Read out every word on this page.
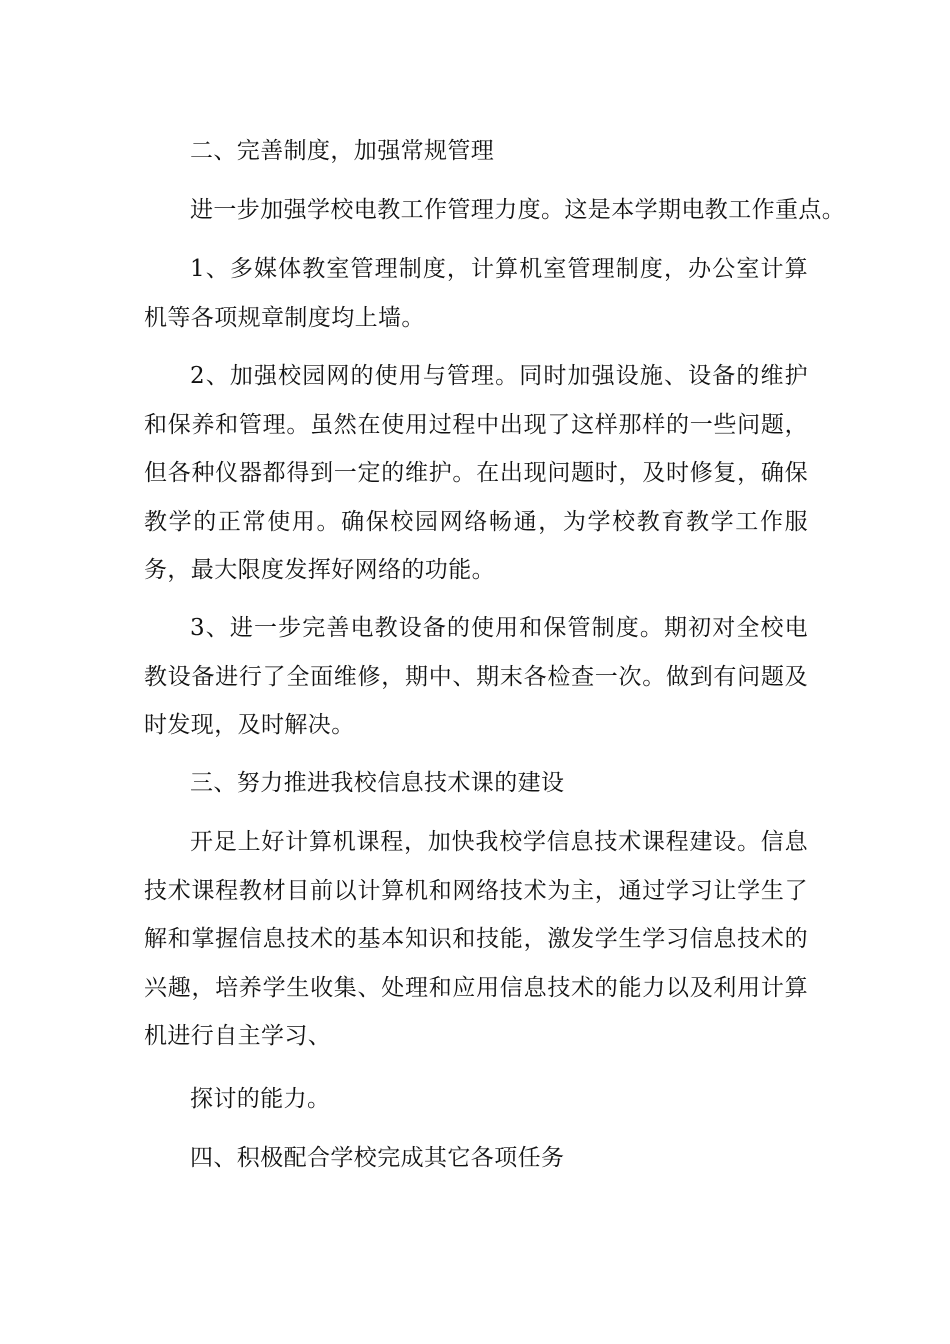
二、完善制度，加强常规管理

进一步加强学校电教工作管理力度。这是本学期电教工作重点。

1、多媒体教室管理制度，计算机室管理制度，办公室计算机等各项规章制度均上墙。

2、加强校园网的使用与管理。同时加强设施、设备的维护和保养和管理。虽然在使用过程中出现了这样那样的一些问题，但各种仪器都得到一定的维护。在出现问题时，及时修复，确保教学的正常使用。确保校园网络畅通，为学校教育教学工作服务，最大限度发挥好网络的功能。

3、进一步完善电教设备的使用和保管制度。期初对全校电教设备进行了全面维修，期中、期末各检查一次。做到有问题及时发现，及时解决。

三、努力推进我校信息技术课的建设

开足上好计算机课程，加快我校学信息技术课程建设。信息技术课程教材目前以计算机和网络技术为主，通过学习让学生了解和掌握信息技术的基本知识和技能，激发学生学习信息技术的兴趣，培养学生收集、处理和应用信息技术的能力以及利用计算机进行自主学习、

探讨的能力。

四、积极配合学校完成其它各项任务
